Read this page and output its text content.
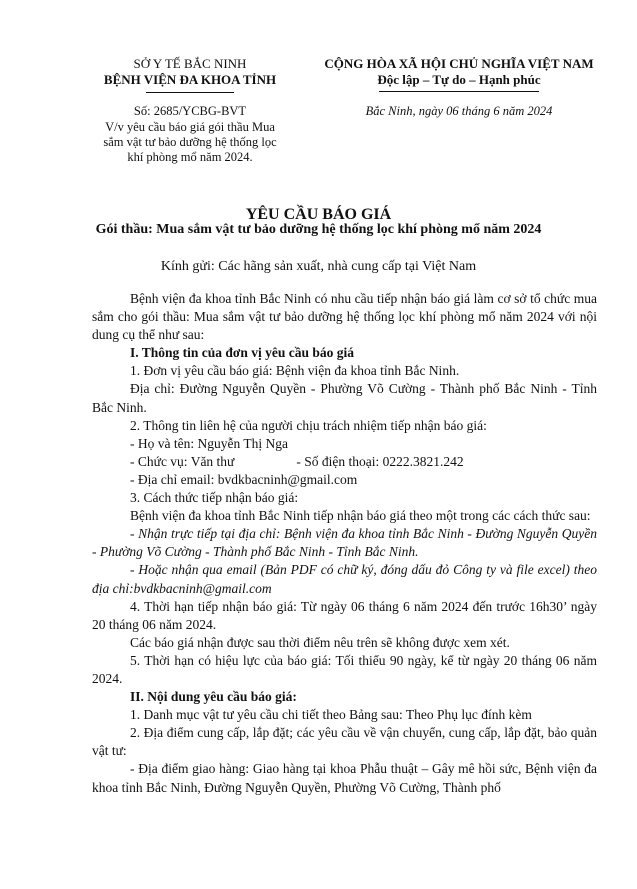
SỞ Y TẾ BẮC NINH
BỆNH VIỆN ĐA KHOA TỈNH
CỘNG HÒA XÃ HỘI CHỦ NGHĨA VIỆT NAM
Độc lập – Tự do – Hạnh phúc
Số: 2685/YCBG-BVT
V/v yêu cầu báo giá gói thầu Mua
sắm vật tư bảo dưỡng hệ thống lọc
khí phòng mổ năm 2024.
Bắc Ninh, ngày 06 tháng 6 năm 2024
YÊU CẦU BÁO GIÁ
Gói thầu: Mua sắm vật tư bảo dưỡng hệ thống lọc khí phòng mổ năm 2024
Kính gửi: Các hãng sản xuất, nhà cung cấp tại Việt Nam

Bệnh viện đa khoa tỉnh Bắc Ninh có nhu cầu tiếp nhận báo giá làm cơ sở tổ chức mua sắm cho gói thầu: Mua sắm vật tư bảo dưỡng hệ thống lọc khí phòng mổ năm 2024 với nội dung cụ thể như sau:

I. Thông tin của đơn vị yêu cầu báo giá

1. Đơn vị yêu cầu báo giá: Bệnh viện đa khoa tỉnh Bắc Ninh.

Địa chỉ: Đường Nguyễn Quyền - Phường Võ Cường - Thành phố Bắc Ninh - Tỉnh Bắc Ninh.

2. Thông tin liên hệ của người chịu trách nhiệm tiếp nhận báo giá:

- Họ và tên: Nguyễn Thị Nga

- Chức vụ: Văn thư	- Số điện thoại: 0222.3821.242

- Địa chỉ email: bvdkbacninh@gmail.com

3. Cách thức tiếp nhận báo giá:

Bệnh viện đa khoa tỉnh Bắc Ninh tiếp nhận báo giá theo một trong các cách thức sau:

- Nhận trực tiếp tại địa chỉ: Bệnh viện đa khoa tỉnh Bắc Ninh - Đường Nguyễn Quyền - Phường Võ Cường - Thành phố Bắc Ninh - Tỉnh Bắc Ninh.

- Hoặc nhận qua email (Bản PDF có chữ ký, đóng dấu đỏ Công ty và file excel) theo địa chỉ:bvdkbacninh@gmail.com

4. Thời hạn tiếp nhận báo giá: Từ ngày 06 tháng 6 năm 2024 đến trước 16h30’ ngày 20 tháng 06 năm 2024.

Các báo giá nhận được sau thời điểm nêu trên sẽ không được xem xét.

5. Thời hạn có hiệu lực của báo giá: Tối thiểu 90 ngày, kể từ ngày 20 tháng 06 năm 2024.

II. Nội dung yêu cầu báo giá:

1. Danh mục vật tư yêu cầu chi tiết theo Bảng sau: Theo Phụ lục đính kèm

2. Địa điểm cung cấp, lắp đặt; các yêu cầu về vận chuyển, cung cấp, lắp đặt, bảo quản vật tư:

- Địa điểm giao hàng: Giao hàng tại khoa Phẫu thuật – Gây mê hồi sức, Bệnh viện đa khoa tỉnh Bắc Ninh, Đường Nguyễn Quyền, Phường Võ Cường, Thành phố
